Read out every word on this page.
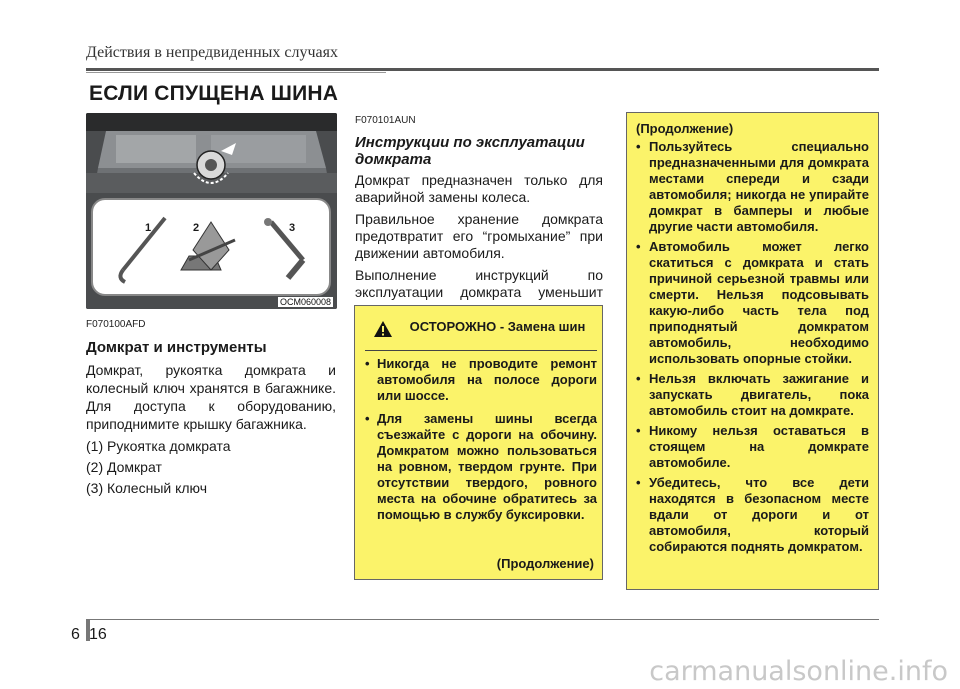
Действия в непредвиденных случаях
ЕСЛИ СПУЩЕНА ШИНА
1	2	3
OCM060008

F070100AFD

Домкрат и инструменты

Домкрат, рукоятка домкрата и колесный ключ хранятся в багажнике. Для доступа к оборудованию, приподнимите крышку багажника.

(1) Рукоятка домкрата
(2) Домкрат
(3) Колесный ключ

F070101AUN

Инструкции по эксплуатации домкрата

Домкрат предназначен только для аварийной замены колеса.

Правильное хранение домкрата предотвратит его “громыхание” при движении автомобиля.

Выполнение инструкций по эксплуатации домкрата уменьшит

ОСТОРОЖНО - Замена шин
• Никогда не проводите ремонт автомобиля на полосе дороги или шоссе.
• Для замены шины всегда съезжайте с дороги на обочину. Домкратом можно пользоваться на ровном, твердом грунте. При отсутствии твердого, ровного места на обочине обратитесь за помощью в службу буксировки.
(Продолжение)
(Продолжение)
• Пользуйтесь специально предназначенными для домкрата местами спереди и сзади автомобиля; никогда не упирайте домкрат в бамперы и любые другие части автомобиля.
• Автомобиль может легко скатиться с домкрата и стать причиной серьезной травмы или смерти. Нельзя подсовывать какую-либо часть тела под приподнятый домкратом автомобиль, необходимо использовать опорные стойки.
• Нельзя включать зажигание и запускать двигатель, пока автомобиль стоит на домкрате.
• Никому нельзя оставаться в стоящем на домкрате автомобиле.
• Убедитесь, что все дети находятся в безопасном месте вдали от дороги и от автомобиля, который собираются поднять домкратом.
6 16
carmanualsonline.info
